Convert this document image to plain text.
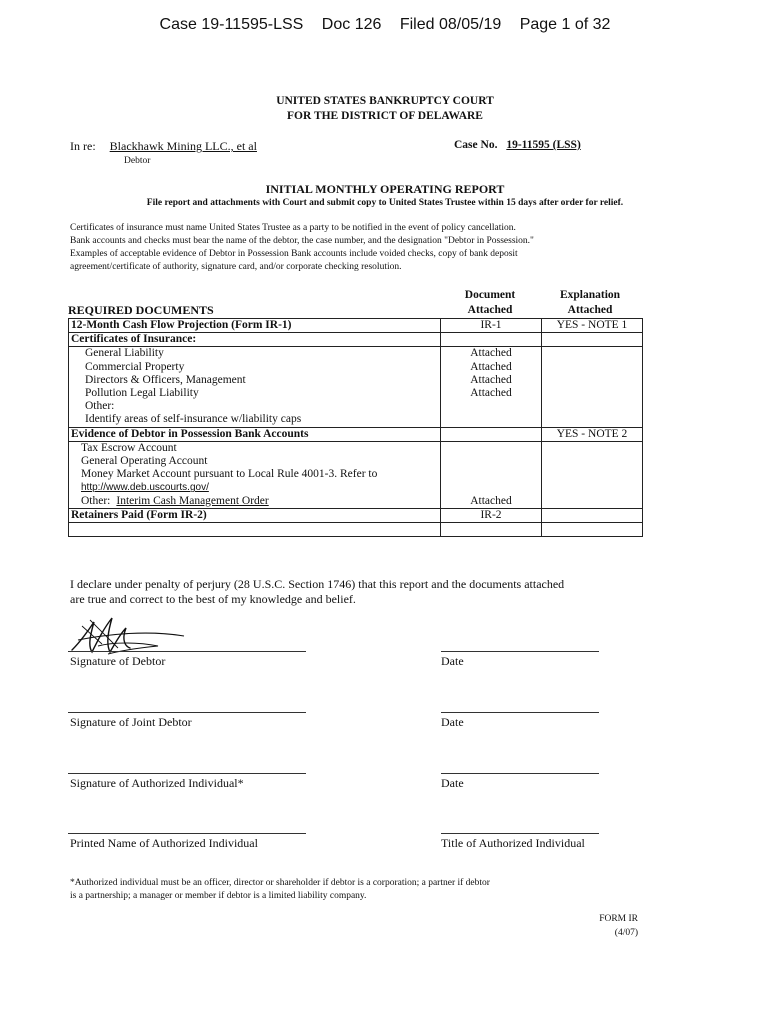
Case 19-11595-LSS Doc 126 Filed 08/05/19 Page 1 of 32
UNITED STATES BANKRUPTCY COURT
FOR THE DISTRICT OF DELAWARE
In re: Blackhawk Mining LLC., et al
Debtor
Case No. 19-11595 (LSS)
INITIAL MONTHLY OPERATING REPORT
File report and attachments with Court and submit copy to United States Trustee within 15 days after order for relief.
Certificates of insurance must name United States Trustee as a party to be notified in the event of policy cancellation.
Bank accounts and checks must bear the name of the debtor, the case number, and the designation "Debtor in Possession."
Examples of acceptable evidence of Debtor in Possession Bank accounts include voided checks, copy of bank deposit
agreement/certificate of authority, signature card, and/or corporate checking resolution.
REQUIRED DOCUMENTS
Document
Attached
Explanation
Attached
12-Month Cash Flow Projection (Form IR-1)	IR-1	YES - NOTE 1
Certificates of Insurance:		
General Liability	Attached	
Commercial Property	Attached	
Directors & Officers, Management	Attached	
Pollution Legal Liability	Attached	
Other:		
Identify areas of self-insurance w/liability caps		
Evidence of Debtor in Possession Bank Accounts		YES - NOTE 2
Tax Escrow Account		
General Operating Account		
Money Market Account pursuant to Local Rule 4001-3. Refer to		
http://www.deb.uscourts.gov/		
Other: Interim Cash Management Order	Attached	
Retainers Paid (Form IR-2)	IR-2	

I declare under penalty of perjury (28 U.S.C. Section 1746) that this report and the documents attached
are true and correct to the best of my knowledge and belief.
Signature of Debtor	Date
Signature of Joint Debtor	Date
Signature of Authorized Individual*	Date
Printed Name of Authorized Individual	Title of Authorized Individual
*Authorized individual must be an officer, director or shareholder if debtor is a corporation; a partner if debtor
is a partnership; a manager or member if debtor is a limited liability company.
FORM IR
(4/07)
